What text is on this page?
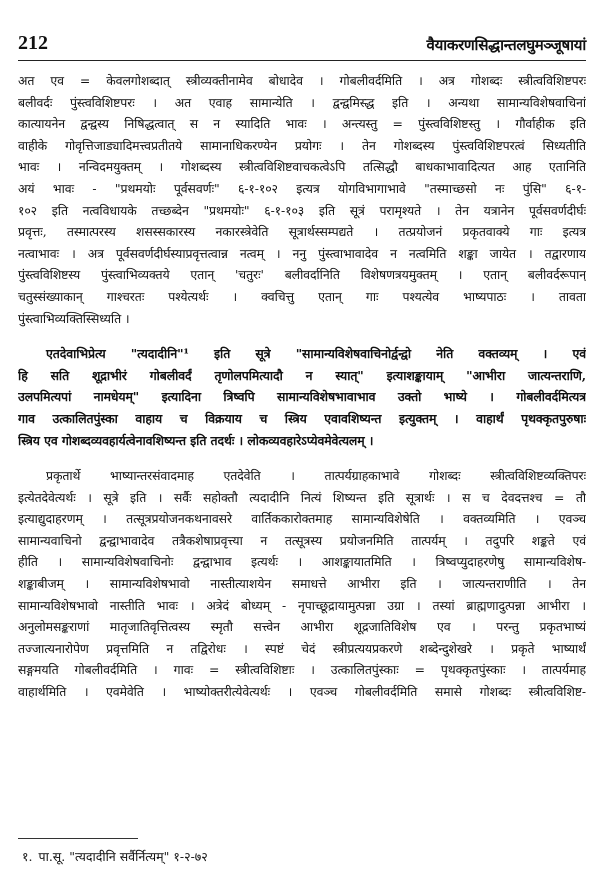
212	वैयाकरणसिद्धान्तलघुमञ्जूषायां
अत एव = केवलगोशब्दात् स्त्रीव्यक्तीनामेव बोधादेव । गोबलीवर्दमिति । अत्र गोशब्दः स्त्रीत्वविशिष्टपरः
बलीवर्दः पुंस्त्वविशिष्टपरः । अत एवाह सामान्येति । द्वन्द्वमिस्द्ध इति । अन्यथा सामान्यविशेषवाचिनां
कात्यायनेन द्वन्द्वस्य निषिद्धत्वात् स न स्यादिति भावः । अन्त्यस्तु = पुंस्त्वविशिष्टस्तु । गौर्वाहीक इति
वाहीके गोवृत्तिजाड्यादिमत्त्वप्रतीतये सामानाधिकरण्येन प्रयोगः । तेन गोशब्दस्य पुंस्त्वविशिष्टपरत्वं सिध्यतीति
भावः । नन्विदमयुक्तम् । गोशब्दस्य स्त्रीत्वविशिष्टवाचकत्वेऽपि तत्सिद्धौ बाधकाभावादित्यत आह एतानिति
अयं भावः - "प्रथमयोः पूर्वसवर्णः" ६-१-१०२ इत्यत्र योगविभागाभावे "तस्माच्छसो नः पुंसि" ६-१-
१०२ इति नत्वविधायके तच्छब्देन "प्रथमयोः" ६-१-१०३ इति सूत्रं परामृश्यते । तेन यत्रानेन पूर्वसवर्णदीर्घः
प्रवृत्तः, तस्मात्परस्य शसस्सकारस्य नकारस्त्रेवेति सूत्रार्थस्सम्पद्यते । तत्प्रयोजनं प्रकृतवाक्ये गाः इत्यत्र
नत्वाभावः । अत्र पूर्वसवर्णदीर्घस्याप्रवृत्तत्वान्न नत्वम् । ननु पुंस्त्वाभावादेव न नत्वमिति शङ्का जायेत । तद्वारणाय
पुंस्त्वविशिष्टस्य पुंस्त्वाभिव्यक्तये एतान् 'चतुरः' बलीवर्दानिति विशेषणत्रयमुक्तम् । एतान् बलीवर्दरूपान्
चतुस्संख्याकान् गाश्चरतः पश्येत्यर्थः । क्वचित्तु एतान् गाः पश्यत्येव भाष्यपाठः । तावता
पुंस्त्वाभिव्यक्तिस्सिध्यति ।
एतदेवाभिप्रेत्य "त्यदादीनि"¹ इति सूत्रे "सामान्यविशेषवाचिनोर्द्वन्द्वो नेति वक्तव्यम् । एवं
हि सति शूद्राभीरं गोबलीवर्दं तृणोलपमित्यादौ न स्यात्" इत्याशङ्कायाम् "आभीरा जात्यन्तराणि,
उलपमित्यपां नामधेयम्" इत्यादिना त्रिष्वपि सामान्यविशेषभावाभाव उक्तो भाष्ये । गोबलीवर्दमित्यत्र
गाव उत्कालितपुंस्का वाहाय च विक्रयाय च स्त्रिय एवावशिष्यन्त इत्युक्तम् । वाहार्थं पृथक्कृतपुरुषाः
स्त्रिय एव गोशब्दव्यवहार्यत्वेनावशिष्यन्त इति तदर्थः । लोकव्यवहारेऽप्येवमेवेत्यलम् ।
प्रकृतार्थे भाष्यान्तरसंवादमाह एतदेवेति । तात्पर्यग्राहकाभावे गोशब्दः स्त्रीत्वविशिष्टव्यक्तिपरः
इत्येतदेवेत्यर्थः । सूत्रे इति । सर्वैः सहोक्तौ त्यदादीनि नित्यं शिष्यन्त इति सूत्रार्थः । स च देवदत्तश्च = तौ
इत्याद्युदाहरणम् । तत्सूत्रप्रयोजनकथनावसरे वार्तिककारोक्तमाह सामान्यविशेषेति । वक्तव्यमिति । एवञ्च
सामान्यवाचिनो द्वन्द्वाभावादेव तत्रैकशेषाप्रवृत्त्या न तत्सूत्रस्य प्रयोजनमिति तात्पर्यम् । तदुपरि शङ्कते एवं
हीति । सामान्यविशेषवाचिनोः द्वन्द्वाभाव इत्यर्थः । आशङ्कायातमिति । त्रिष्वप्युदाहरणेषु सामान्यविशेष-
शङ्काबीजम् । सामान्यविशेषभावो नास्तीत्याशयेन समाधत्ते आभीरा इति । जात्यन्तराणीति । तेन
सामान्यविशेषभावो नास्तीति भावः । अत्रेदं बोध्यम् - नृपाच्छूद्रायामुत्पन्ना उग्रा । तस्यां ब्राह्मणादुत्पन्ना आभीरा ।
अनुलोमसङ्कराणां मातृजातिवृत्तित्वस्य स्मृतौ सत्त्वेन आभीरा शूद्रजातिविशेष एव । परन्तु प्रकृतभाष्यं
तज्जात्यनारोपेण प्रवृत्तमिति न तद्विरोधः । स्पष्टं चेदं स्त्रीप्रत्ययप्रकरणे शब्देन्दुशेखरे । प्रकृते भाष्यार्थं
सङ्गमयति गोबलीवर्दमिति । गावः = स्त्रीत्वविशिष्टाः । उत्कालितपुंस्काः = पृथक्कृतपुंस्काः । तात्पर्यमाह
वाहार्थमिति । एवमेवेति । भाष्योक्तरीत्येवेत्यर्थः । एवञ्च गोबलीवर्दमिति समासे गोशब्दः स्त्रीत्वविशिष्ट-
१. पा.सू. "त्यदादीनि सर्वैर्नित्यम्" १-२-७२
